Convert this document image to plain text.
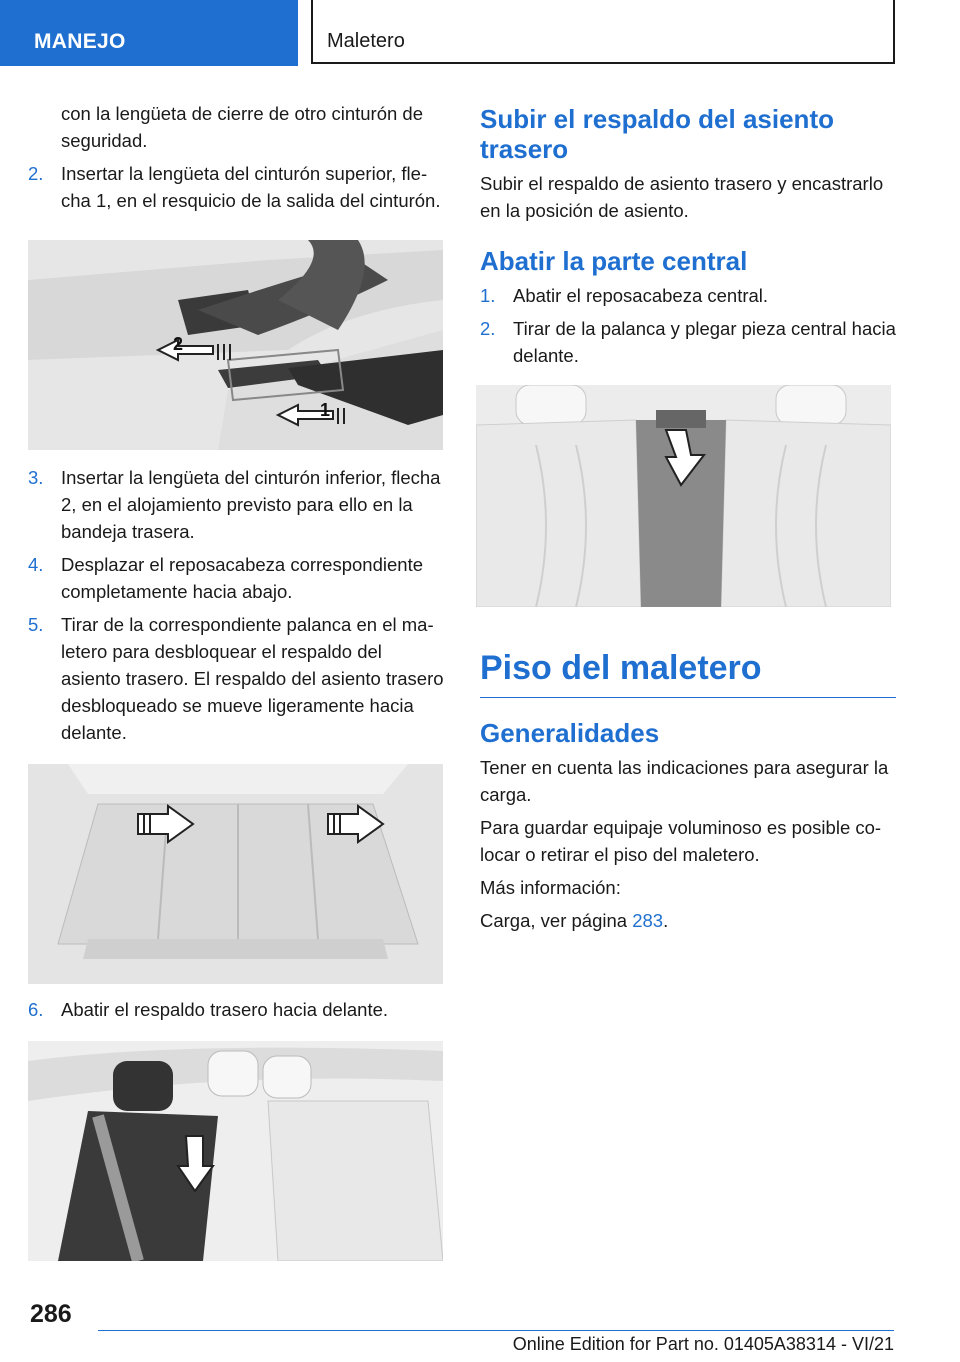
MANEJO	Maletero

con la lengüeta de cierre de otro cinturón de seguridad.

2. Insertar la lengüeta del cinturón superior, flecha 1, en el resquicio de la salida del cinturón.
2
1
3. Insertar la lengüeta del cinturón inferior, flecha 2, en el alojamiento previsto para ello en la bandeja trasera.
4. Desplazar el reposacabeza correspondiente completamente hacia abajo.
5. Tirar de la correspondiente palanca en el maletero para desbloquear el respaldo del asiento trasero. El respaldo del asiento trasero desbloqueado se mueve ligeramente hacia delante.
6. Abatir el respaldo trasero hacia delante.
Subir el respaldo del asiento trasero

Subir el respaldo de asiento trasero y encastrarlo en la posición de asiento.

Abatir la parte central
1. Abatir el reposacabeza central.
2. Tirar de la palanca y plegar pieza central hacia delante.
Piso del maletero
Generalidades

Tener en cuenta las indicaciones para asegurar la carga.

Para guardar equipaje voluminoso es posible colocar o retirar el piso del maletero.

Más información:

Carga, ver página 283.

286
Online Edition for Part no. 01405A38314 - VI/21
